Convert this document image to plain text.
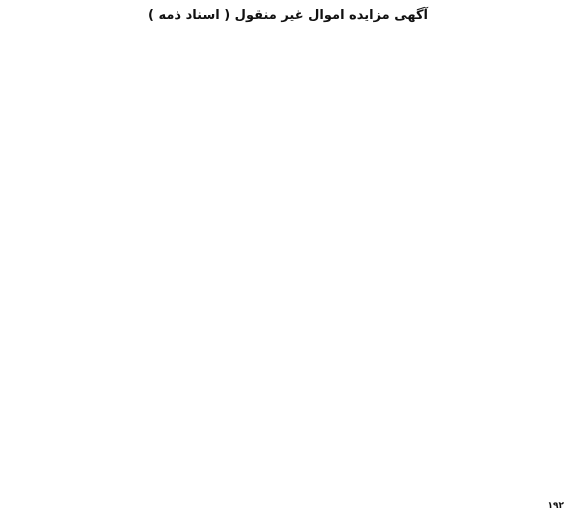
آگهی مزایده اموال غیر منقول ( اسناد ذمه )

۱۹۲
